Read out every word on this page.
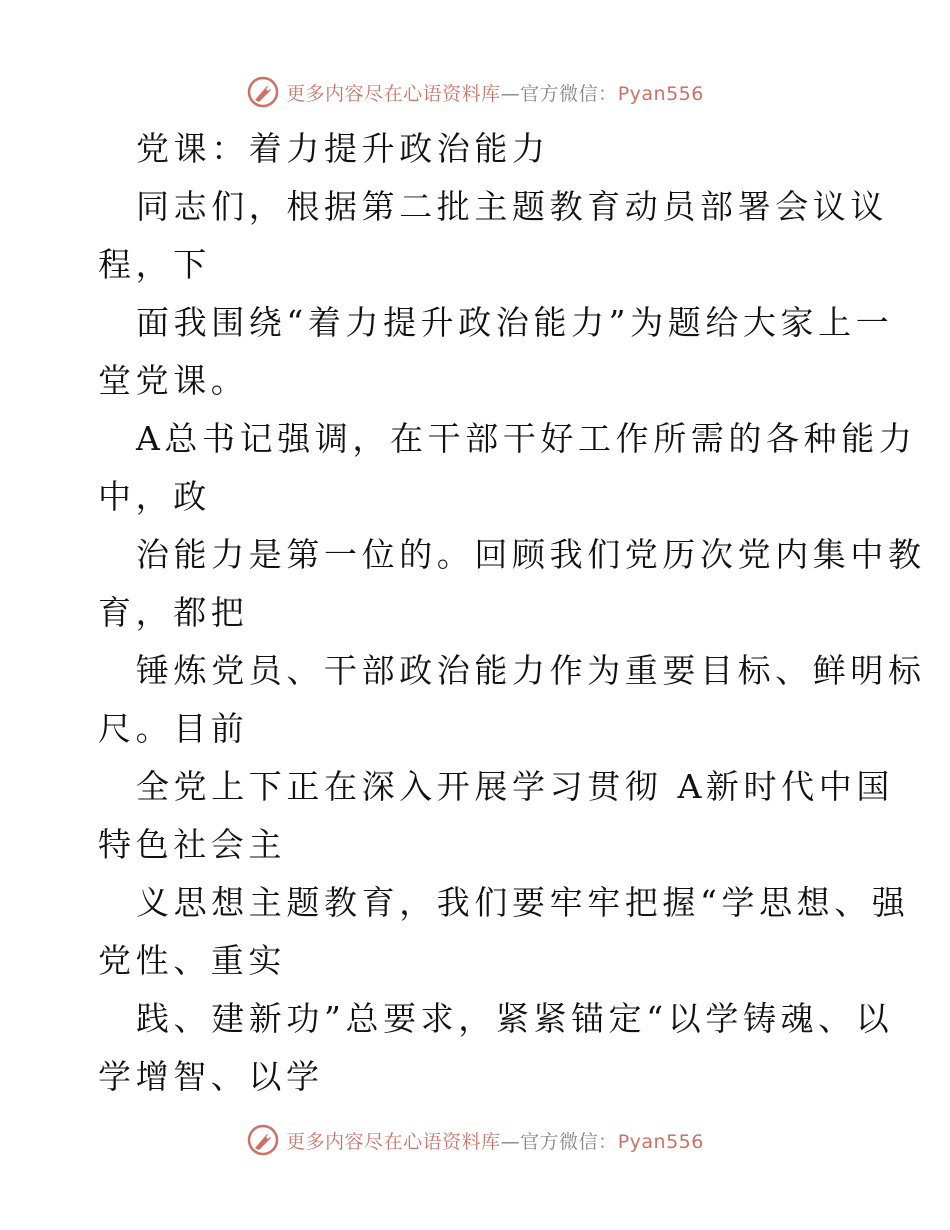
更多内容尽在心语资料库—官方微信：Pyan556
党课：着力提升政治能力
同志们，根据第二批主题教育动员部署会议议
程，下
面我围绕“着力提升政治能力”为题给大家上一
堂党课。
A总书记强调，在干部干好工作所需的各种能力
中，政
治能力是第一位的。回顾我们党历次党内集中教
育，都把
锤炼党员、干部政治能力作为重要目标、鲜明标
尺。目前
全党上下正在深入开展学习贯彻 A新时代中国
特色社会主
义思想主题教育，我们要牢牢把握“学思想、强
党性、重实
践、建新功”总要求，紧紧锚定“以学铸魂、以
学增智、以学
更多内容尽在心语资料库—官方微信：Pyan556
